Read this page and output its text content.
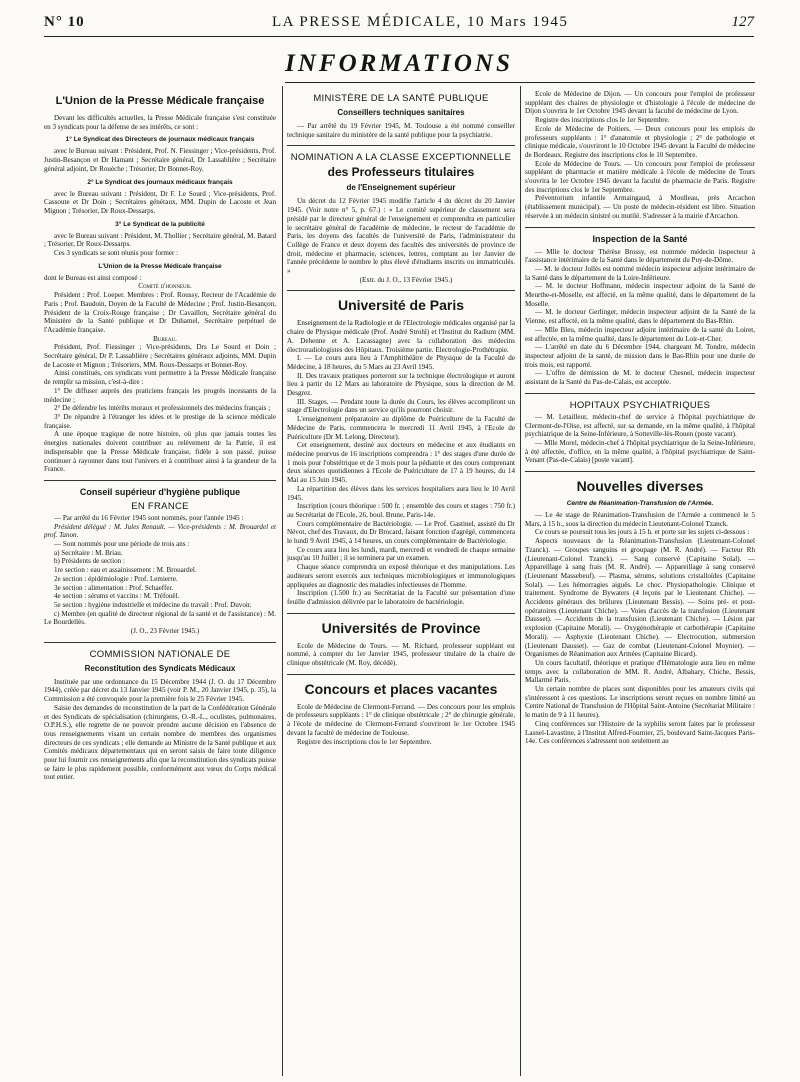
N° 10	LA PRESSE MÉDICALE, 10 Mars 1945	127
INFORMATIONS
L'Union de la Presse Médicale française

Devant les difficultés actuelles, la Presse Médicale française s'est constituée en 3 syndicats pour la défense de ses intérêts, ce sont :

1° Le Syndicat des Directeurs de journaux médicaux français

avec le Bureau suivant : Président, Prof. N. Fiessinger ; Vice-présidents, Prof. Justin-Besançon et Dr Hamant ; Secrétaire général, Dr Lassablière ; Secrétaire général adjoint, Dr Rouèche ; Trésorier, Dr Bonnet-Roy.

2° Le Syndicat des journaux médicaux français

avec le Bureau suivant : Président, Dr F. Le Sourd ; Vice-présidents, Prof. Cassoute et Dr Doin ; Secrétaires généraux, MM. Dupin de Lacoste et Jean Mignon ; Trésorier, Dr Roux-Dessarps.

3° Le Syndicat de la publicité

avec le Bureau suivant : Président, M. Thollier ; Secrétaire général, M. Batard ; Trésorier, Dr Roux-Dessarps.

Ces 3 syndicats se sont réunis pour former :

L'Union de la Presse Médicale française

dont le Bureau est ainsi composé :

Comité d'honneur.

Président : Prof. Loeper. Membres : Prof. Roussy, Recteur de l'Académie de Paris ; Prof. Baudoin, Doyen de la Faculté de Médecine ; Prof. Justin-Besançon, Président de la Croix-Rouge française ; Dr Cavaillon, Secrétaire général du Ministère de la Santé publique et Dr Duhamel, Secrétaire perpétuel de l'Académie française.

Bureau.

Président, Prof. Fiessinger ; Vice-présidents, Drs Le Sourd et Doin ; Secrétaire général, Dr P. Lassablière ; Secrétaires généraux adjoints, MM. Dupin de Lacoste et Mignon ; Trésoriers, MM. Roux-Dessarps et Bonnet-Roy.

Ainsi constitués, ces syndicats vont permettre à la Presse Médicale française de remplir sa mission, c'est-à-dire :

1° De diffuser auprès des praticiens français les progrès incessants de la médecine ;

2° De défendre les intérêts moraux et professionnels des médecins français ;

3° De répandre à l'étranger les idées et le prestige de la science médicale française.

A une époque tragique de notre histoire, où plus que jamais toutes les énergies nationales doivent contribuer au relèvement de la Patrie, il est indispensable que la Presse Médicale française, fidèle à son passé, puisse continuer à rayonner dans tout l'univers et à contribuer ainsi à la grandeur de la France.

Conseil supérieur d'hygiène publique
EN FRANCE

— Par arrêté du 16 Février 1945 sont nommés, pour l'année 1945 :

Président délégué : M. Jules Renault. — Vice-présidents : M. Brouardel et prof. Tanon.

— Sont nommés pour une période de trois ans :

a) Secrétaire : M. Briau.

b) Présidents de section :

1re section : eau et assainissement : M. Brouardel.

2e section : épidémiologie : Prof. Lemierre.

3e section : alimentation : Prof. Schaeffer.

4e section : sérums et vaccins : M. Tréfouël.

5e section : hygiène industrielle et médecine du travail : Prof. Duvoir.

c) Membre (en qualité de directeur régional de la santé et de l'assistance) : M. Le Bourdellès.

(J. O., 23 Février 1945.)

COMMISSION NATIONALE DE
Reconstitution des Syndicats Médicaux

Instituée par une ordonnance du 15 Décembre 1944 (J. O. du 17 Décembre 1944), créée par décret du 13 Janvier 1945 (voir P. M., 20 Janvier 1945, p. 35), la Commission a été convoquée pour la première fois le 25 Février 1945.

Saisie des demandes de reconstitution de la part de la Confédération Générale et des Syndicats de spécialisation (chirurgiens, O.-R.-L., oculistes, pulmonaires, O.P.H.S.), elle regrette de ne pouvoir prendre aucune décision en l'absence de tous renseignements visant un certain nombre de membres des organismes directeurs de ces syndicats ; elle demande au Ministre de la Santé publique et aux Comités médicaux départementaux qui en seront saisis de faire toute diligence pour lui fournir ces renseignements afin que la reconstitution des syndicats puisse se faire le plus rapidement possible, conformément aux vœux du Corps médical tout entier.

MINISTÈRE DE LA SANTÉ PUBLIQUE
Conseillers techniques sanitaires

— Par arrêté du 19 Février 1945, M. Toulouse a été nommé conseiller technique sanitaire du ministère de la santé publique pour la psychiatrie.

NOMINATION A LA CLASSE EXCEPTIONNELLE
des Professeurs titulaires
de l'Enseignement supérieur

Un décret du 12 Février 1945 modifie l'article 4 du décret du 20 Janvier 1945. (Voir notre n° 5, p. 67.) : « Le comité supérieur de classement sera présidé par le directeur général de l'enseignement et comprendra en particulier le secrétaire général de l'académie de médecine, le recteur de l'académie de Paris, les doyens des facultés de l'université de Paris, l'administrateur du Collège de France et deux doyens des facultés des universités de province de droit, médecine et pharmacie, sciences, lettres, comptant au 1er Janvier de l'année précédente le nombre le plus élevé d'étudiants inscrits ou immatriculés. »

(Extr. du J. O., 13 Février 1945.)

Université de Paris

Enseignement de la Radiologie et de l'Electrologie médicales organisé par la chaire de Physique médicale (Prof. André Strohl) et l'Institut du Radium (MM. A. Dehenne et A. Lacassagne) avec la collaboration des médecins électroradiologistes des Hôpitaux. Troisième partie. Electrologie-Prothétrapie.

I. — Le cours aura lieu à l'Amphithéâtre de Physique de la Faculté de Médecine, à 18 heures, du 5 Mars au 23 Avril 1945.

II. Des travaux pratiques porteront sur la technique électrologique et auront lieu à partir du 12 Mars au laboratoire de Physique, sous la direction de M. Desgrez.

III. Stages. — Pendant toute la durée du Cours, les élèves accompliront un stage d'Electrologie dans un service qu'ils pourront choisir.

L'enseignement préparatoire au diplôme de Puériculture de la Faculté de Médecine de Paris, commencera le mercredi 11 Avril 1945, à l'Ecole de Puériculture (Dr M. Lelong, Directeur).

Cet enseignement, destiné aux docteurs en médecine et aux étudiants en médecine pourvus de 16 inscriptions comprendra : 1° des stages d'une durée de 1 mois pour l'obstétrique et de 3 mois pour la pédiatrie et des cours comprenant deux séances quotidiennes à l'Ecole de Puériculture de 17 à 19 heures, du 14 Mai au 15 Juin 1945.

La répartition des élèves dans les services hospitaliers aura lieu le 10 Avril 1945.

Inscription (cours théorique : 500 fr. ; ensemble des cours et stages : 750 fr.) au Secrétariat de l'Ecole, 26, boul. Brune, Paris-14e.

Cours complémentaire de Bactériologie. — Le Prof. Gastinel, assisté du Dr Névot, chef des Travaux, du Dr Brocard, faisant fonction d'agrégé, commencera le lundi 9 Avril 1945, à 14 heures, un cours complémentaire de Bactériologie.

Ce cours aura lieu les lundi, mardi, mercredi et vendredi de chaque semaine jusqu'au 10 Juillet ; il se terminera par un examen.

Chaque séance comprendra un exposé théorique et des manipulations. Les auditeurs seront exercés aux techniques microbiologiques et immunologiques appliquées au diagnostic des maladies infectieuses de l'homme.

Inscription (1.500 fr.) au Secrétariat de la Faculté sur présentation d'une feuille d'admission délivrée par le laboratoire de bactériologie.

Universités de Province

Ecole de Médecine de Tours. — M. Richard, professeur suppléant est nommé, à compter du 1er Janvier 1945, professeur titulaire de la chaire de clinique obstétricale (M. Roy, décédé).

Concours et places vacantes

Ecole de Médecine de Clermont-Ferrand. — Des concours pour les emplois de professeurs suppléants : 1° de clinique obstétricale ; 2° de chirurgie générale, à l'école de médecine de Clermont-Ferrand s'ouvriront le 1er Octobre 1945 devant la faculté de médecine de Toulouse.

Registre des inscriptions clos le 1er Septembre.

Ecole de Médecine de Dijon. — Un concours pour l'emploi de professeur suppléant des chaires de physiologie et d'histologie à l'école de médecine de Dijon s'ouvrira le 1er Octobre 1945 devant la faculté de médecine de Lyon.

Registre des inscriptions clos le 1er Septembre.

Ecole de Médecine de Poitiers. — Deux concours pour les emplois de professeurs suppléants : 1° d'anatomie et physiologie ; 2° de pathologie et clinique médicale, s'ouvriront le 10 Octobre 1945 devant la Faculté de médecine de Bordeaux. Registre des inscriptions clos le 10 Septembre.

Ecole de Médecine de Tours. — Un concours pour l'emploi de professeur suppléant de pharmacie et matière médicale à l'école de médecine de Tours s'ouvrira le 1er Octobre 1945 devant la faculté de pharmacie de Paris. Registre des inscriptions clos le 1er Septembre.

Préventorium infantile Armaingaud, à Moulleau, près Arcachon (établissement municipal). — Un poste de médecin-résident est libre. Situation réservée à un médecin sinistré ou mutilé. S'adresser à la mairie d'Arcachon.

Inspection de la Santé

— Mlle le docteur Thérèse Brossy, est nommée médecin inspecteur à l'assistance intérimaire de la Santé dans le département du Puy-de-Dôme.

— M. le docteur Jollès est nommé médecin inspecteur adjoint intérimaire de la Santé dans le département de la Loire-Inférieure.

— M. le docteur Hoffmann, médecin inspecteur adjoint de la Santé de Meurthe-et-Moselle, est affecté, en la même qualité, dans le département de la Moselle.

— M. le docteur Gerlinger, médecin inspecteur adjoint de la Santé de la Vienne, est affecté, en la même qualité, dans le département du Bas-Rhin.

— Mlle Bleu, médecin inspecteur adjoint intérimaire de la santé du Loiret, est affectée, en la même qualité, dans le département du Loir-et-Cher.

— L'arrêté en date du 6 Décembre 1944, chargeant M. Tondre, médecin inspecteur adjoint de la santé, de mission dans le Bas-Rhin pour une durée de trois mois, est rapporté.

— L'offre de démission de M. le docteur Chesnel, médecin inspecteur assistant de la Santé du Pas-de-Calais, est acceptée.

HOPITAUX PSYCHIATRIQUES

— M. Letailleur, médecin-chef de service à l'hôpital psychiatrique de Clermont-de-l'Oise, est affecté, sur sa demande, en la même qualité, à l'hôpital psychiatrique de la Seine-Inférieure, à Sotteville-lès-Rouen (poste vacant).

— Mlle Morel, médecin-chef à l'hôpital psychiatrique de la Seine-Inférieure, à été affectée, d'office, en la même qualité, à l'hôpital psychiatrique de Saint-Venant (Pas-de-Calais) [poste vacant].

Nouvelles diverses
Centre de Réanimation-Transfusion de l'Armée.

— Le 4e stage de Réanimation-Transfusion de l'Armée a commencé le 5 Mars, à 15 h., sous la direction du médecin Lieutenant-Colonel Tzanck.

Ce cours se poursuit tous les jours à 15 h. et porte sur les sujets ci-dessous :

Aspects nouveaux de la Réanimation-Transfusion (Lieutenant-Colonel Tzanck). — Groupes sanguins et groupage (M. R. André). — Facteur Rh (Lieutenant-Colonel Tzanck). — Sang conservé (Capitaine Solal). — Appareillage à sang frais (M. R. André). — Appareillage à sang conservé (Lieutenant Massebeuf). — Plasma, sérums, solutions cristalloïdes (Capitaine Solal). — Les hémorragies aiguës. Le choc. Physiopathologie. Clinique et traitement. Syndrome de Bywaters (4 leçons par le Lieutenant Chiche). — Accidents généraux des brûlures (Lieutenant Bessis). — Soins pré- et post-opératoires (Lieutenant Chiche). — Voies d'accès de la transfusion (Lieutenant Dausset). — Accidents de la transfusion (Lieutenant Chiche). — Lésion par explosion (Capitaine Morali). — Oxygénothérapie et carbothérapie (Capitaine Morali). — Asphyxie (Lieutenant Chiche). — Electrocution, submersion (Lieutenant Dausset). — Gaz de combat (Lieutenant-Colonel Moynier). — Organismes de Réanimation aux Armées (Capitaine Bicard).

Un cours facultatif, théorique et pratique d'Hématologie aura lieu en même temps avec la collaboration de MM. R. André, Albahary, Chiche, Bessis, Mallarmé Paris.

Un certain nombre de places sont disponibles pour les amateurs civils qui s'intéressent à ces questions. Le inscriptions seront reçues en nombre limité au Centre National de Transfusion de l'Hôpital Saint-Antoine (Secrétariat Militaire : le matin de 9 à 11 heures).

Cinq conférences sur l'Histoire de la syphilis seront faites par le professeur Lasnel-Lavastine, à l'Institut Alfred-Fournier, 25, boulevard Saint-Jacques Paris-14e. Ces conférences s'adressent non seulement au
